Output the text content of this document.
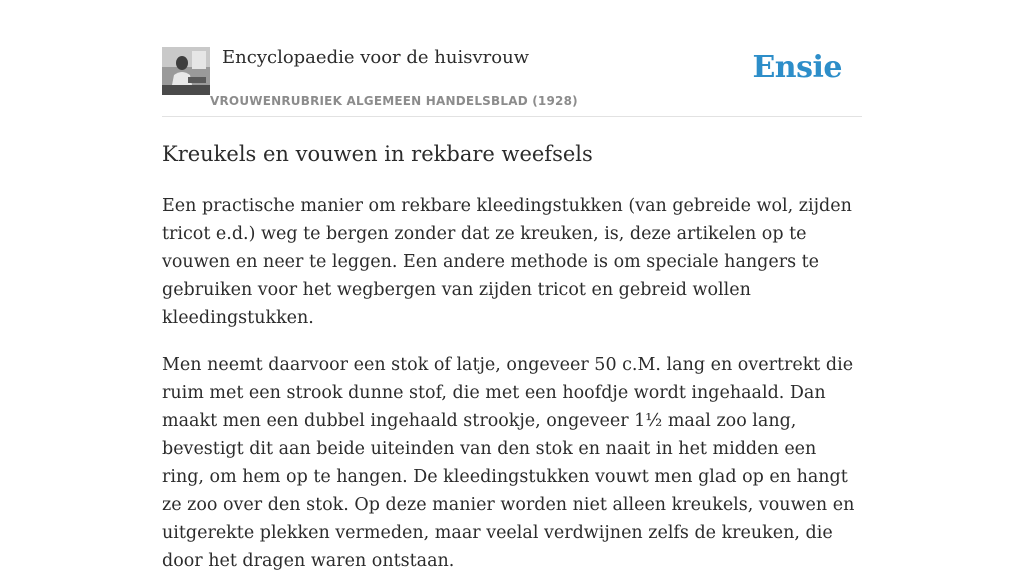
Encyclopaedie voor de huisvrouw
VROUWENRUBRIEK ALGEMEEN HANDELSBLAD (1928)
Ensie
Kreukels en vouwen in rekbare weefsels

Een practische manier om rekbare kleedingstukken (van gebreide wol, zijden tricot e.d.) weg te bergen zonder dat ze kreuken, is, deze artikelen op te vouwen en neer te leggen. Een andere methode is om speciale hangers te gebruiken voor het wegbergen van zijden tricot en gebreid wollen kleedingstukken.

Men neemt daarvoor een stok of latje, ongeveer 50 c.M. lang en overtrekt die ruim met een strook dunne stof, die met een hoofdje wordt ingehaald. Dan maakt men een dubbel ingehaald strookje, ongeveer 1½ maal zoo lang, bevestigt dit aan beide uiteinden van den stok en naait in het midden een ring, om hem op te hangen. De kleedingstukken vouwt men glad op en hangt ze zoo over den stok. Op deze manier worden niet alleen kreukels, vouwen en uitgerekte plekken vermeden, maar veelal verdwijnen zelfs de kreuken, die door het dragen waren ontstaan.
